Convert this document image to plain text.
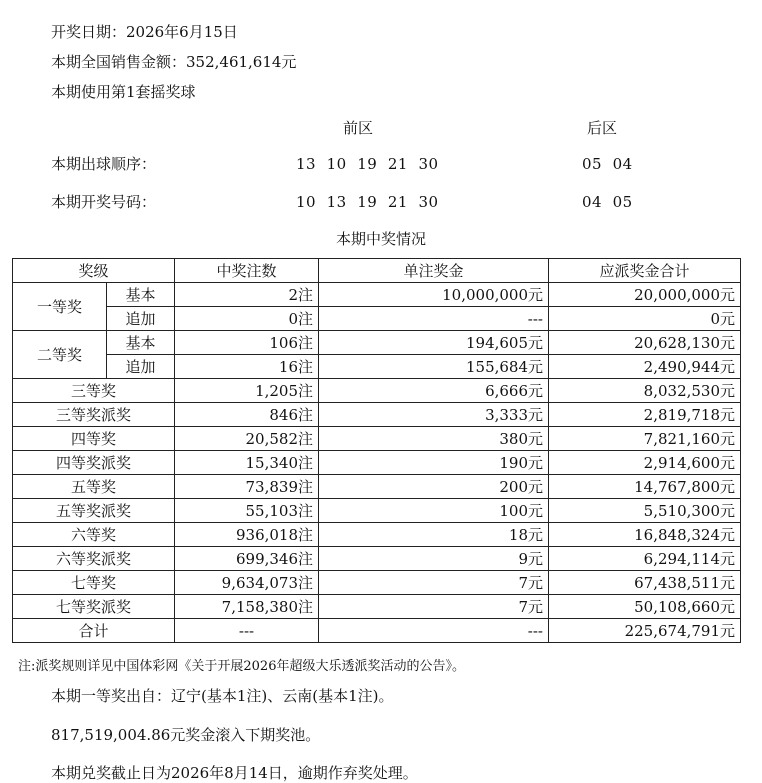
开奖日期：2026年6月15日
本期全国销售金额：352,461,614元
本期使用第1套摇奖球
前区	后区
本期出球顺序：	13  10  19  21  30	05  04
本期开奖号码：	10  13  19  21  30	04  05
本期中奖情况
奖级		中奖注数	单注奖金	应派奖金合计
一等奖	基本	2注	10,000,000元	20,000,000元
	追加	0注	---	0元
二等奖	基本	106注	194,605元	20,628,130元
	追加	16注	155,684元	2,490,944元
三等奖		1,205注	6,666元	8,032,530元
三等奖派奖		846注	3,333元	2,819,718元
四等奖		20,582注	380元	7,821,160元
四等奖派奖		15,340注	190元	2,914,600元
五等奖		73,839注	200元	14,767,800元
五等奖派奖		55,103注	100元	5,510,300元
六等奖		936,018注	18元	16,848,324元
六等奖派奖		699,346注	9元	6,294,114元
七等奖		9,634,073注	7元	67,438,511元
七等奖派奖		7,158,380注	7元	50,108,660元
合计		---	---	225,674,791元
注:派奖规则详见中国体彩网《关于开展2026年超级大乐透派奖活动的公告》。
本期一等奖出自：辽宁(基本1注)、云南(基本1注)。
817,519,004.86元奖金滚入下期奖池。
本期兑奖截止日为2026年8月14日，逾期作弃奖处理。
